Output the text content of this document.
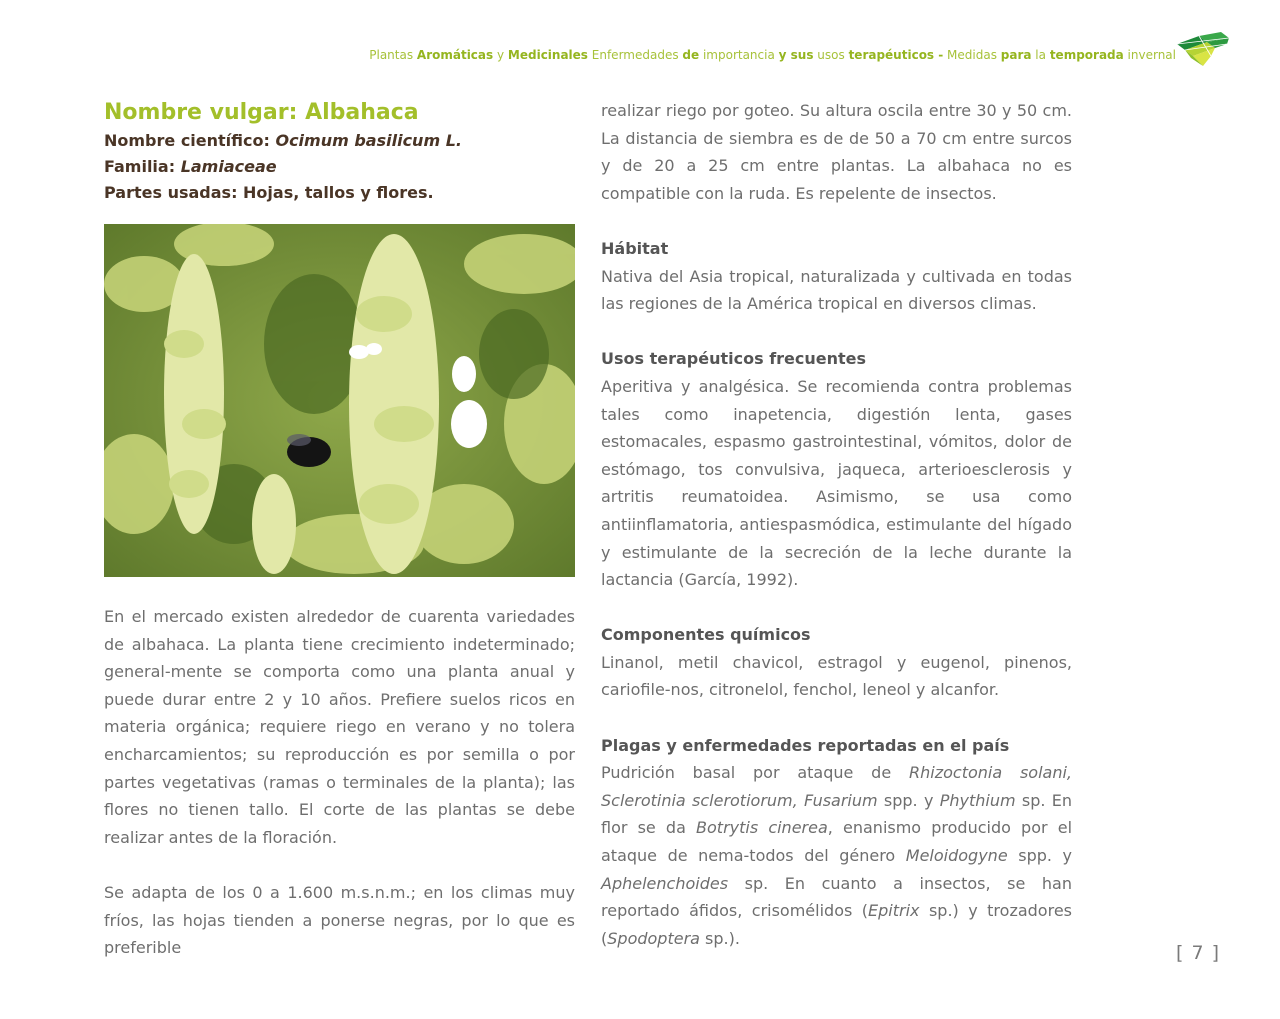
Plantas Aromáticas y Medicinales Enfermedades de importancia y sus usos terapéuticos - Medidas para la temporada invernal
Nombre vulgar: Albahaca

Nombre científico: Ocimum basilicum L.

Familia: Lamiaceae

Partes usadas: Hojas, tallos y flores.

En el mercado existen alrededor de cuarenta variedades de albahaca. La planta tiene crecimiento indeterminado; general-mente se comporta como una planta anual y puede durar entre 2 y 10 años. Prefiere suelos ricos en materia orgánica; requiere riego en verano y no tolera encharcamientos; su reproducción es por semilla o por partes vegetativas (ramas o terminales de la planta); las flores no tienen tallo. El corte de las plantas se debe realizar antes de la floración.

Se adapta de los 0 a 1.600 m.s.n.m.; en los climas muy fríos, las hojas tienden a ponerse negras, por lo que es preferible

realizar riego por goteo. Su altura oscila entre 30 y 50 cm. La distancia de siembra es de de 50 a 70 cm entre surcos y de 20 a 25 cm entre plantas. La albahaca no es compatible con la ruda. Es repelente de insectos.

Hábitat

Nativa del Asia tropical, naturalizada y cultivada en todas las regiones de la América tropical en diversos climas.

Usos terapéuticos frecuentes

Aperitiva y analgésica. Se recomienda contra problemas tales como inapetencia, digestión lenta, gases estomacales, espasmo gastrointestinal, vómitos, dolor de estómago, tos convulsiva, jaqueca, arterioesclerosis y artritis reumatoidea. Asimismo, se usa como antiinflamatoria, antiespasmódica, estimulante del hígado y estimulante de la secreción de la leche durante la lactancia (García, 1992).

Componentes químicos

Linanol, metil chavicol, estragol y eugenol, pinenos, cariofile-nos, citronelol, fenchol, leneol y alcanfor.

Plagas y enfermedades reportadas en el país

Pudrición basal por ataque de Rhizoctonia solani, Sclerotinia sclerotiorum, Fusarium spp. y Phythium sp. En flor se da Botrytis cinerea, enanismo producido por el ataque de nema-todos del género Meloidogyne spp. y Aphelenchoides sp. En cuanto a insectos, se han reportado áfidos, crisomélidos (Epitrix sp.) y trozadores (Spodoptera sp.).

[ 7 ]
